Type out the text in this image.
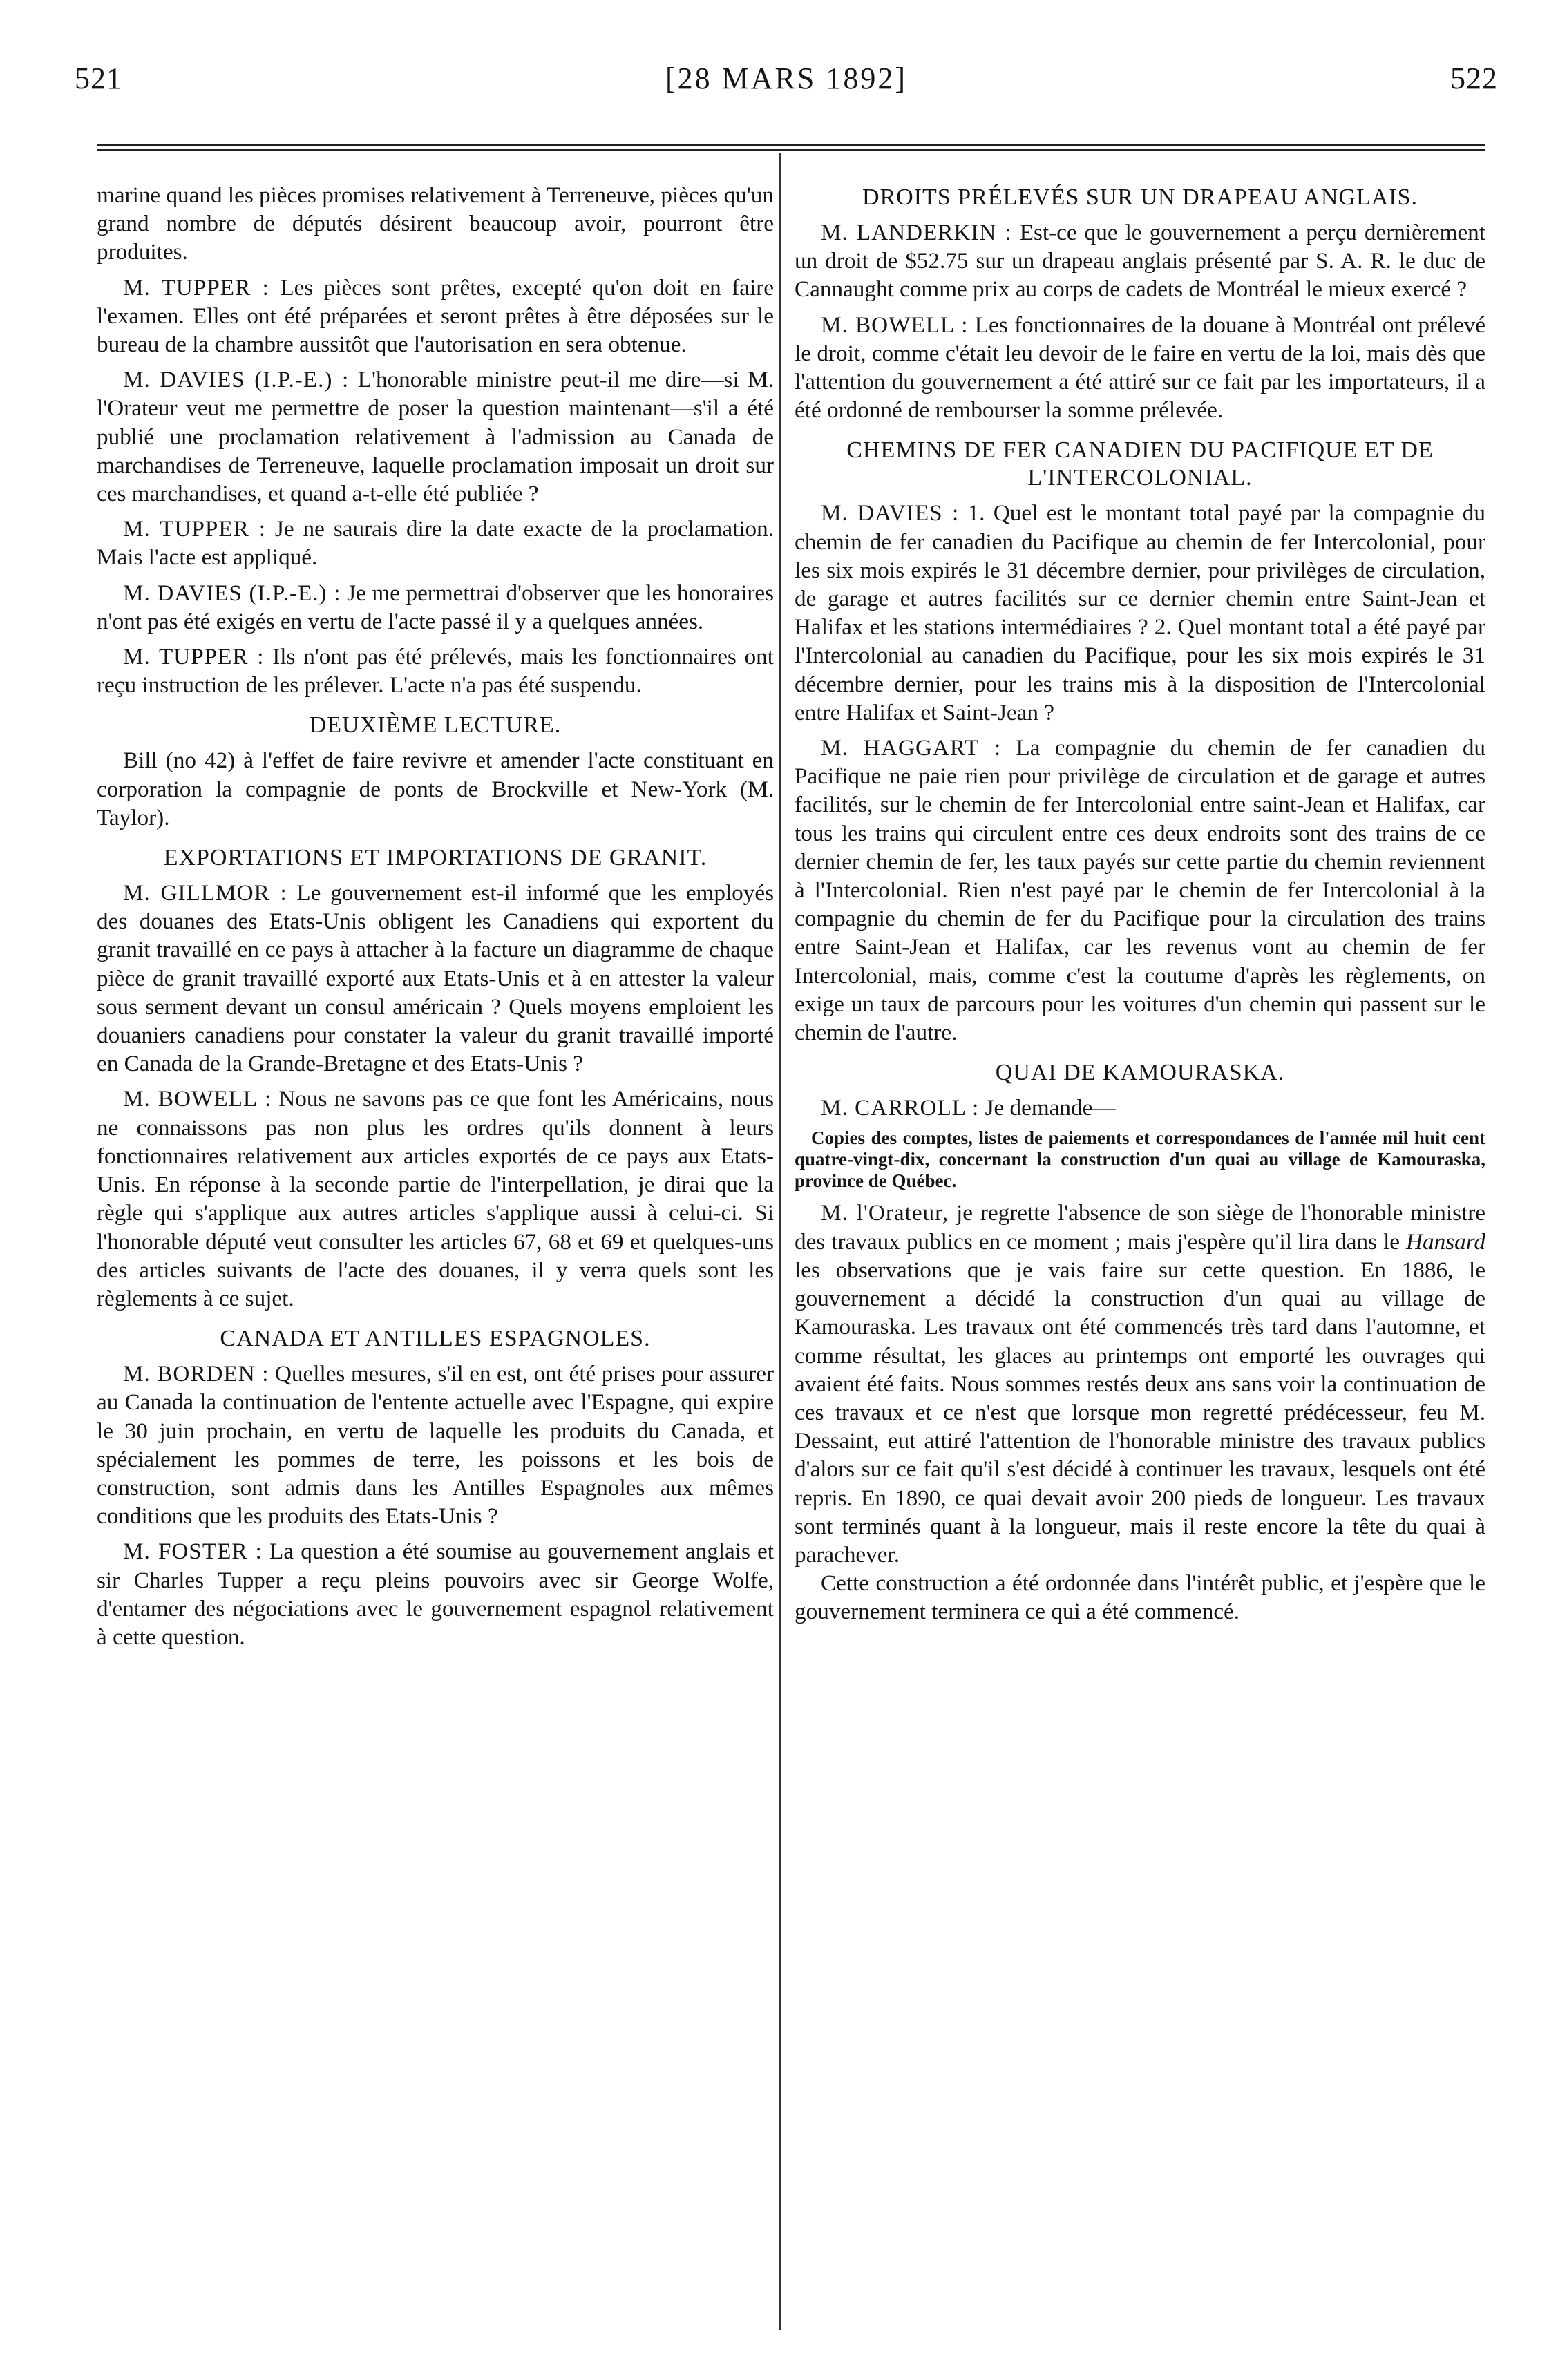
521	[28 MARS 1892]	522

marine quand les pièces promises relativement à Terreneuve, pièces qu'un grand nombre de députés désirent beaucoup avoir, pourront être produites.

M. TUPPER : Les pièces sont prêtes, excepté qu'on doit en faire l'examen. Elles ont été préparées et seront prêtes à être déposées sur le bureau de la chambre aussitôt que l'autorisation en sera obtenue.

M. DAVIES (I.P.-E.) : L'honorable ministre peut-il me dire—si M. l'Orateur veut me permettre de poser la question maintenant—s'il a été publié une proclamation relativement à l'admission au Canada de marchandises de Terreneuve, laquelle proclamation imposait un droit sur ces marchandises, et quand a-t-elle été publiée ?

M. TUPPER : Je ne saurais dire la date exacte de la proclamation. Mais l'acte est appliqué.

M. DAVIES (I.P.-E.) : Je me permettrai d'observer que les honoraires n'ont pas été exigés en vertu de l'acte passé il y a quelques années.

M. TUPPER : Ils n'ont pas été prélevés, mais les fonctionnaires ont reçu instruction de les prélever. L'acte n'a pas été suspendu.

DEUXIÈME LECTURE.

Bill (no 42) à l'effet de faire revivre et amender l'acte constituant en corporation la compagnie de ponts de Brockville et New-York (M. Taylor).

EXPORTATIONS ET IMPORTATIONS DE GRANIT.

M. GILLMOR : Le gouvernement est-il informé que les employés des douanes des Etats-Unis obligent les Canadiens qui exportent du granit travaillé en ce pays à attacher à la facture un diagramme de chaque pièce de granit travaillé exporté aux Etats-Unis et à en attester la valeur sous serment devant un consul américain ? Quels moyens emploient les douaniers canadiens pour constater la valeur du granit travaillé importé en Canada de la Grande-Bretagne et des Etats-Unis ?

M. BOWELL : Nous ne savons pas ce que font les Américains, nous ne connaissons pas non plus les ordres qu'ils donnent à leurs fonctionnaires relativement aux articles exportés de ce pays aux Etats-Unis. En réponse à la seconde partie de l'interpellation, je dirai que la règle qui s'applique aux autres articles s'applique aussi à celui-ci. Si l'honorable député veut consulter les articles 67, 68 et 69 et quelques-uns des articles suivants de l'acte des douanes, il y verra quels sont les règlements à ce sujet.

CANADA ET ANTILLES ESPAGNOLES.

M. BORDEN : Quelles mesures, s'il en est, ont été prises pour assurer au Canada la continuation de l'entente actuelle avec l'Espagne, qui expire le 30 juin prochain, en vertu de laquelle les produits du Canada, et spécialement les pommes de terre, les poissons et les bois de construction, sont admis dans les Antilles Espagnoles aux mêmes conditions que les produits des Etats-Unis ?

M. FOSTER : La question a été soumise au gouvernement anglais et sir Charles Tupper a reçu pleins pouvoirs avec sir George Wolfe, d'entamer des négociations avec le gouvernement espagnol relativement à cette question.

DROITS PRÉLEVÉS SUR UN DRAPEAU ANGLAIS.

M. LANDERKIN : Est-ce que le gouvernement a perçu dernièrement un droit de $52.75 sur un drapeau anglais présenté par S. A. R. le duc de Cannaught comme prix au corps de cadets de Montréal le mieux exercé ?

M. BOWELL : Les fonctionnaires de la douane à Montréal ont prélevé le droit, comme c'était leu devoir de le faire en vertu de la loi, mais dès que l'attention du gouvernement a été attiré sur ce fait par les importateurs, il a été ordonné de rembourser la somme prélevée.

CHEMINS DE FER CANADIEN DU PACIFIQUE ET DE L'INTERCOLONIAL.

M. DAVIES : 1. Quel est le montant total payé par la compagnie du chemin de fer canadien du Pacifique au chemin de fer Intercolonial, pour les six mois expirés le 31 décembre dernier, pour privilèges de circulation, de garage et autres facilités sur ce dernier chemin entre Saint-Jean et Halifax et les stations intermédiaires ? 2. Quel montant total a été payé par l'Intercolonial au canadien du Pacifique, pour les six mois expirés le 31 décembre dernier, pour les trains mis à la disposition de l'Intercolonial entre Halifax et Saint-Jean ?

M. HAGGART : La compagnie du chemin de fer canadien du Pacifique ne paie rien pour privilège de circulation et de garage et autres facilités, sur le chemin de fer Intercolonial entre saint-Jean et Halifax, car tous les trains qui circulent entre ces deux endroits sont des trains de ce dernier chemin de fer, les taux payés sur cette partie du chemin reviennent à l'Intercolonial. Rien n'est payé par le chemin de fer Intercolonial à la compagnie du chemin de fer du Pacifique pour la circulation des trains entre Saint-Jean et Halifax, car les revenus vont au chemin de fer Intercolonial, mais, comme c'est la coutume d'après les règlements, on exige un taux de parcours pour les voitures d'un chemin qui passent sur le chemin de l'autre.

QUAI DE KAMOURASKA.

M. CARROLL : Je demande—

Copies des comptes, listes de paiements et correspondances de l'année mil huit cent quatre-vingt-dix, concernant la construction d'un quai au village de Kamouraska, province de Québec.

M. l'Orateur, je regrette l'absence de son siège de l'honorable ministre des travaux publics en ce moment ; mais j'espère qu'il lira dans le Hansard les observations que je vais faire sur cette question. En 1886, le gouvernement a décidé la construction d'un quai au village de Kamouraska. Les travaux ont été commencés très tard dans l'automne, et comme résultat, les glaces au printemps ont emporté les ouvrages qui avaient été faits. Nous sommes restés deux ans sans voir la continuation de ces travaux et ce n'est que lorsque mon regretté prédécesseur, feu M. Dessaint, eut attiré l'attention de l'honorable ministre des travaux publics d'alors sur ce fait qu'il s'est décidé à continuer les travaux, lesquels ont été repris. En 1890, ce quai devait avoir 200 pieds de longueur. Les travaux sont terminés quant à la longueur, mais il reste encore la tête du quai à parachever.

Cette construction a été ordonnée dans l'intérêt public, et j'espère que le gouvernement terminera ce qui a été commencé.
